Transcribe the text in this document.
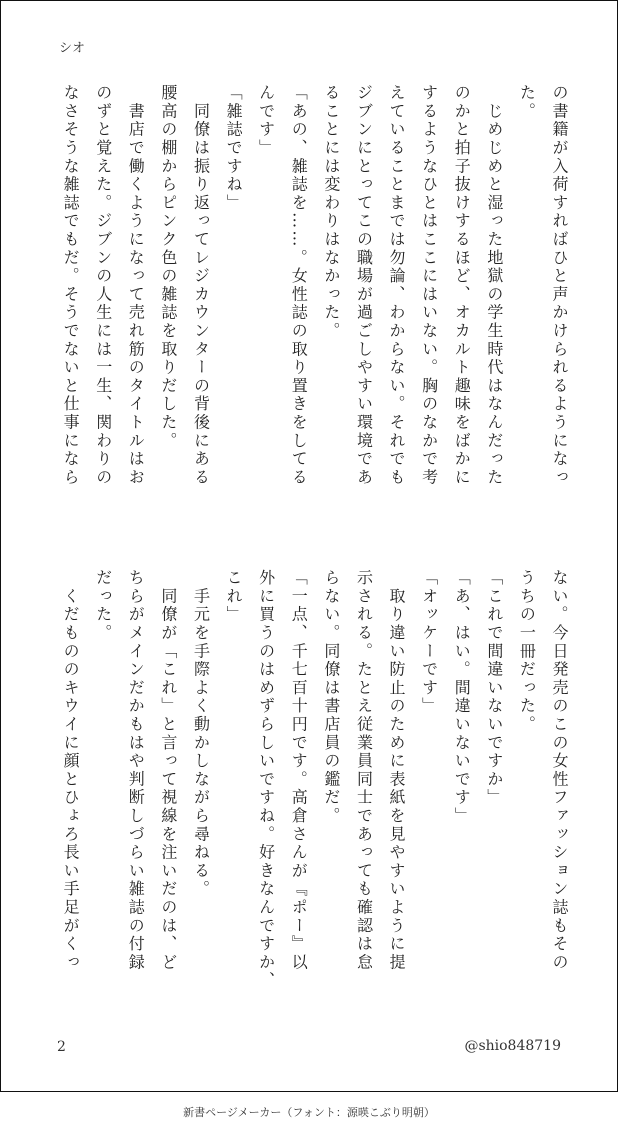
シオ
の書籍が入荷すればひと声かけられるようになっ
た。
　じめじめと湿った地獄の学生時代はなんだった
のかと拍子抜けするほど、オカルト趣味をばかに
するようなひとはここにはいない。胸のなかで考
えていることまでは勿論、わからない。それでも
ジブンにとってこの職場が過ごしやすい環境であ
ることには変わりはなかった。
「あの、雑誌を……。女性誌の取り置きをしてる
んです」
「雑誌ですね」
　同僚は振り返ってレジカウンターの背後にある
腰高の棚からピンク色の雑誌を取りだした。
　書店で働くようになって売れ筋のタイトルはお
のずと覚えた。ジブンの人生には一生、関わりの
なさそうな雑誌でもだ。そうでないと仕事になら
ない。今日発売のこの女性ファッション誌もその
うちの一冊だった。
「これで間違いないですか」
「あ、はい。間違いないです」
「オッケーです」
　取り違い防止のために表紙を見やすいように提
示される。たとえ従業員同士であっても確認は怠
らない。同僚は書店員の鑑だ。
「一点、千七百十円です。高倉さんが『ポー』以
外に買うのはめずらしいですね。好きなんですか、
これ」
　手元を手際よく動かしながら尋ねる。
　同僚が「これ」と言って視線を注いだのは、ど
ちらがメインだかもはや判断しづらい雑誌の付録
だった。
　くだもののキウイに顔とひょろ長い手足がくっ
2	@shio848719
新書ページメーカー（フォント：源暎こぶり明朝）
